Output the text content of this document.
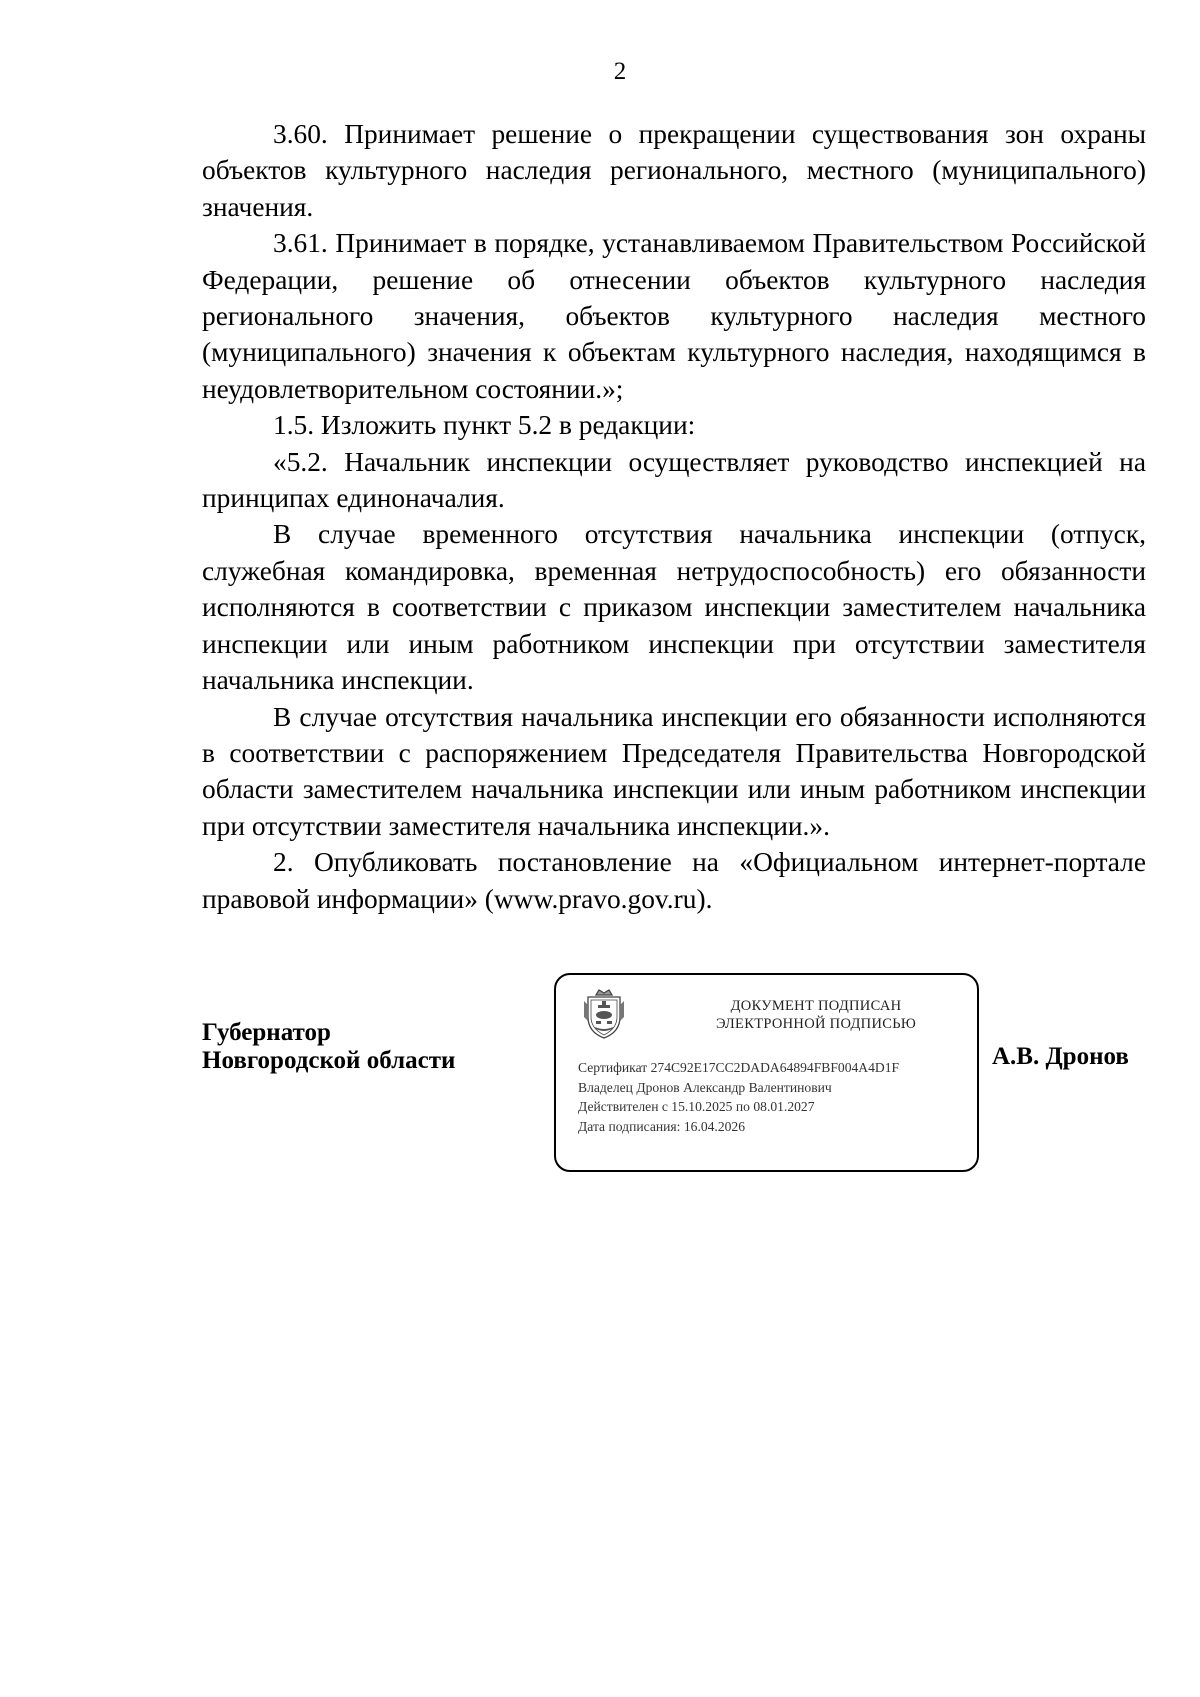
2

3.60. Принимает решение о прекращении существования зон охраны объектов культурного наследия регионального, местного (муниципального) значения.

3.61. Принимает в порядке, устанавливаемом Правительством Российской Федерации, решение об отнесении объектов культурного наследия регионального значения, объектов культурного наследия местного (муниципального) значения к объектам культурного наследия, находящимся в неудовлетворительном состоянии.»;

1.5. Изложить пункт 5.2 в редакции:

«5.2. Начальник инспекции осуществляет руководство инспекцией на принципах единоначалия.

В случае временного отсутствия начальника инспекции (отпуск, служебная командировка, временная нетрудоспособность) его обязанности исполняются в соответствии с приказом инспекции заместителем начальника инспекции или иным работником инспекции при отсутствии заместителя начальника инспекции.

В случае отсутствия начальника инспекции его обязанности исполняются в соответствии с распоряжением Председателя Правительства Новгородской области заместителем начальника инспекции или иным работником инспекции при отсутствии заместителя начальника инспекции.».

2. Опубликовать постановление на «Официальном интернет-портале правовой информации» (www.pravo.gov.ru).

Губернатор
Новгородской области
ДОКУМЕНТ ПОДПИСАН
ЭЛЕКТРОННОЙ ПОДПИСЬЮ
Сертификат 274C92E17CC2DADA64894FBF004A4D1F
Владелец Дронов Александр Валентинович
Действителен с 15.10.2025 по 08.01.2027
Дата подписания: 16.04.2026
А.В. Дронов
